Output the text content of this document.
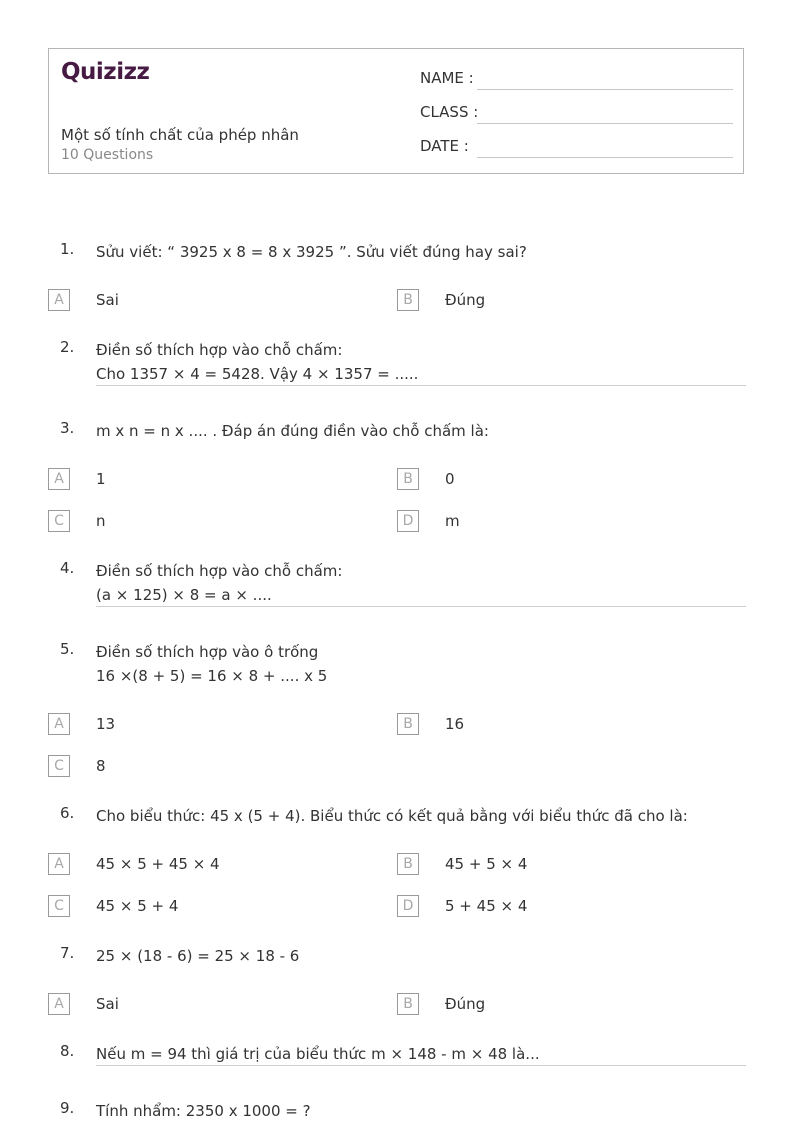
Quizizz
Một số tính chất của phép nhân
10 Questions
NAME :
CLASS :
DATE :
1. Sửu viết: “ 3925 x 8 = 8 x 3925 ”. Sửu viết đúng hay sai?
A	Sai	B	Đúng
2. Điền số thích hợp vào chỗ chấm:
Cho 1357 × 4 = 5428. Vậy 4 × 1357 = .....
3. m x n = n x .... . Đáp án đúng điền vào chỗ chấm là:
A	1	B	0
C	n	D	m
4. Điền số thích hợp vào chỗ chấm:
(a × 125) × 8 = a × ....
5. Điền số thích hợp vào ô trống
16 ×(8 + 5) = 16 × 8 + .... x 5
A	13	B	16
C	8
6. Cho biểu thức: 45 x (5 + 4). Biểu thức có kết quả bằng với biểu thức đã cho là:
A	45 × 5 + 45 × 4	B	45 + 5 × 4
C	45 × 5 + 4	D	5 + 45 × 4
7. 25 × (18 - 6) = 25 × 18 - 6
A	Sai	B	Đúng
8. Nếu m = 94 thì giá trị của biểu thức m × 148 - m × 48 là...
9. Tính nhẩm: 2350 x 1000 = ?
